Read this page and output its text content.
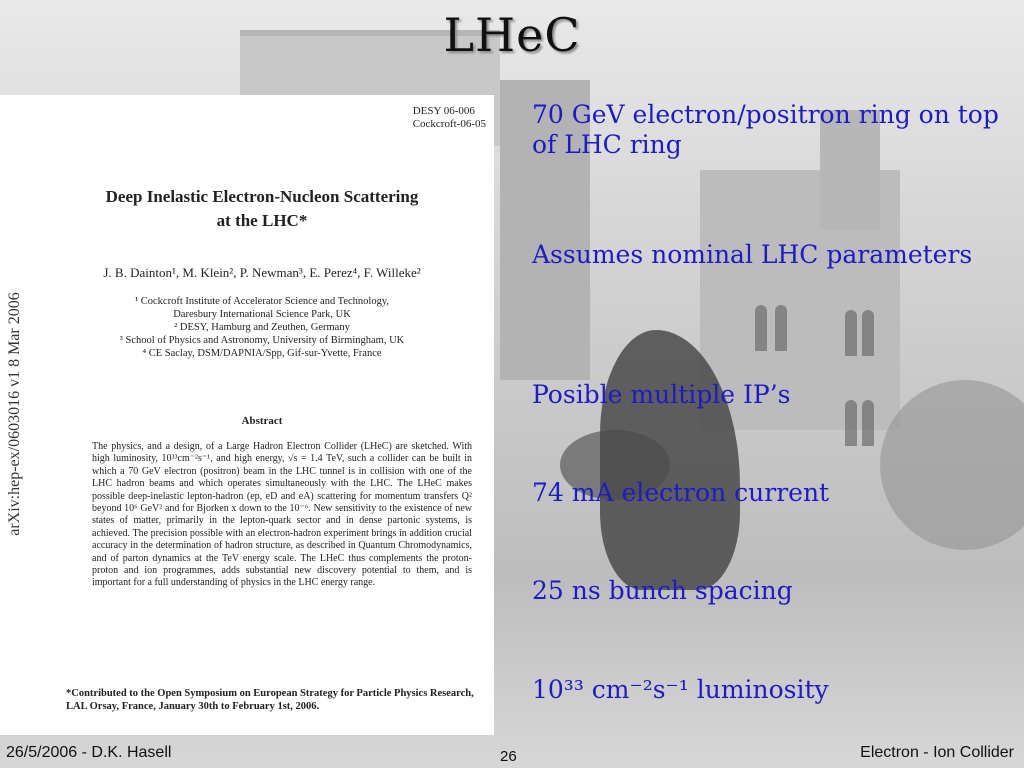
LHeC
DESY 06-006
Cockcroft-06-05
Deep Inelastic Electron-Nucleon Scattering
at the LHC*
J. B. Dainton¹, M. Klein², P. Newman³, E. Perez⁴, F. Willeke²
¹ Cockcroft Institute of Accelerator Science and Technology,
Daresbury International Science Park, UK
² DESY, Hamburg and Zeuthen, Germany
³ School of Physics and Astronomy, University of Birmingham, UK
⁴ CE Saclay, DSM/DAPNIA/Spp, Gif-sur-Yvette, France
Abstract
The physics, and a design, of a Large Hadron Electron Collider (LHeC) are sketched. With high luminosity, 10³³cm⁻²s⁻¹, and high energy, √s = 1.4 TeV, such a collider can be built in which a 70 GeV electron (positron) beam in the LHC tunnel is in collision with one of the LHC hadron beams and which operates simultaneously with the LHC. The LHeC makes possible deep-inelastic lepton-hadron (ep, eD and eA) scattering for momentum transfers Q² beyond 10⁶ GeV² and for Bjorken x down to the 10⁻⁶. New sensitivity to the existence of new states of matter, primarily in the lepton-quark sector and in dense partonic systems, is achieved. The precision possible with an electron-hadron experiment brings in addition crucial accuracy in the determination of hadron structure, as described in Quantum Chromodynamics, and of parton dynamics at the TeV energy scale. The LHeC thus complements the proton-proton and ion programmes, adds substantial new discovery potential to them, and is important for a full understanding of physics in the LHC energy range.
*Contributed to the Open Symposium on European Strategy for Particle Physics Research, LAL Orsay, France, January 30th to February 1st, 2006.
arXiv:hep-ex/0603016 v1 8 Mar 2006
70 GeV electron/positron ring on top of LHC ring
Assumes nominal LHC parameters
Posible multiple IP’s
74 mA electron current
25 ns bunch spacing
10³³ cm⁻²s⁻¹ luminosity
26/5/2006 - D.K. Hasell	26	Electron - Ion Collider
